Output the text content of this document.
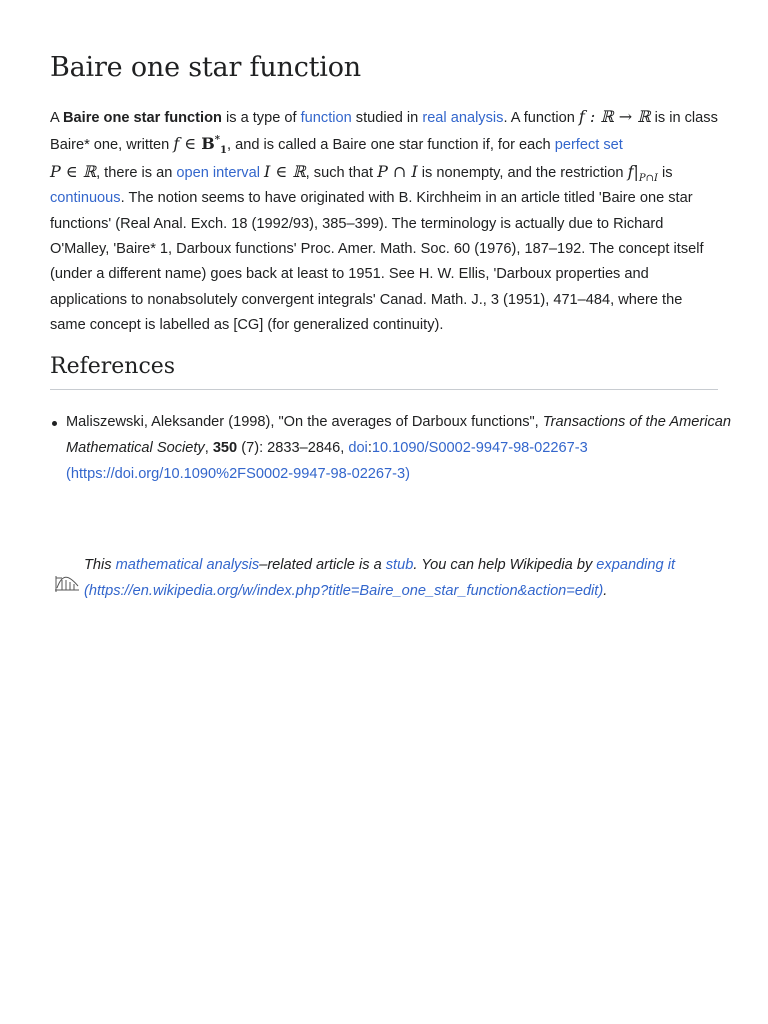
Baire one star function

A Baire one star function is a type of function studied in real analysis. A function f : ℝ → ℝ is in class Baire* one, written f ∈ $B^*_1$, and is called a Baire one star function if, for each perfect set
P ∈ ℝ, there is an open interval I ∈ ℝ, such that P ∩ I is nonempty, and the restriction $f|_{P\cap I}$ is continuous. The notion seems to have originated with B. Kirchheim in an article titled 'Baire one star functions' (Real Anal. Exch. 18 (1992/93), 385–399). The terminology is actually due to Richard O'Malley, 'Baire* 1, Darboux functions' Proc. Amer. Math. Soc. 60 (1976), 187–192. The concept itself (under a different name) goes back at least to 1951. See H. W. Ellis, 'Darboux properties and applications to nonabsolutely convergent integrals' Canad. Math. J., 3 (1951), 471–484, where the same concept is labelled as [CG] (for generalized continuity).

References
Maliszewski, Aleksander (1998), "On the averages of Darboux functions", Transactions of the American Mathematical Society, 350 (7): 2833–2846, doi:10.1090/S0002-9947-98-02267-3 (https://doi.org/10.1090%2FS0002-9947-98-02267-3)
This mathematical analysis–related article is a stub. You can help Wikipedia by expanding it (https://en.wikipedia.org/w/index.php?title=Baire_one_star_function&action=edit).
